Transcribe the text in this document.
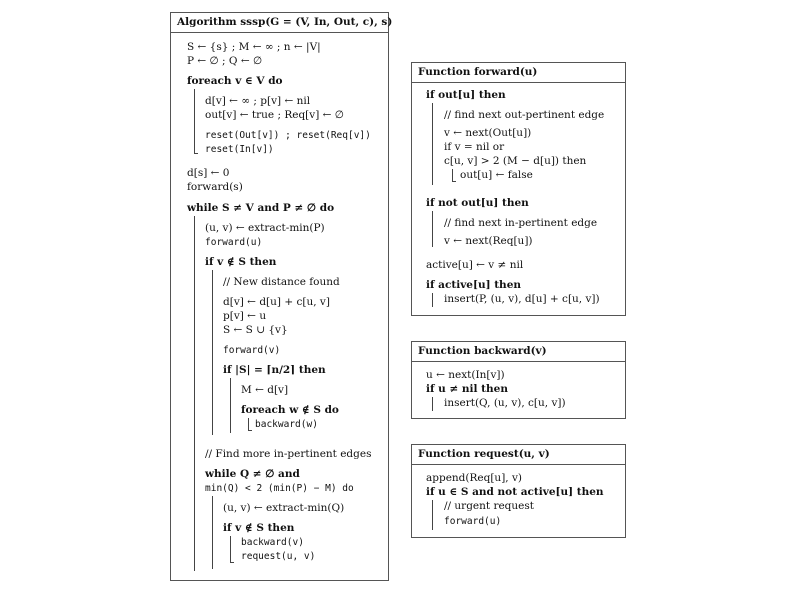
Algorithm sssp(G = (V, In, Out, c), s)
S ← {s} ; M ← ∞ ; n ← |V|
P ← ∅ ; Q ← ∅
foreach v ∈ V do
d[v] ← ∞ ; p[v] ← nil
out[v] ← true ; Req[v] ← ∅
reset(Out[v]) ; reset(Req[v])
reset(In[v])
d[s] ← 0
forward(s)
while S ≠ V and P ≠ ∅ do
(u, v) ← extract-min(P)
forward(u)
if v ∉ S then
// New distance found
d[v] ← d[u] + c[u, v]
p[v] ← u
S ← S ∪ {v}
forward(v)
if |S| = ⌈n/2⌉ then
M ← d[v]
foreach w ∉ S do
backward(w)
// Find more in-pertinent edges
while Q ≠ ∅ and
min(Q) < 2 (min(P) − M) do
(u, v) ← extract-min(Q)
if v ∉ S then
backward(v)
request(u, v)
Function forward(u)
if out[u] then
// find next out-pertinent edge
v ← next(Out[u])
if v = nil or
c[u, v] > 2 (M − d[u]) then
out[u] ← false
if not out[u] then
// find next in-pertinent edge
v ← next(Req[u])
active[u] ← v ≠ nil
if active[u] then
insert(P, (u, v), d[u] + c[u, v])
Function backward(v)
u ← next(In[v])
if u ≠ nil then
insert(Q, (u, v), c[u, v])
Function request(u, v)
append(Req[u], v)
if u ∈ S and not active[u] then
// urgent request
forward(u)
